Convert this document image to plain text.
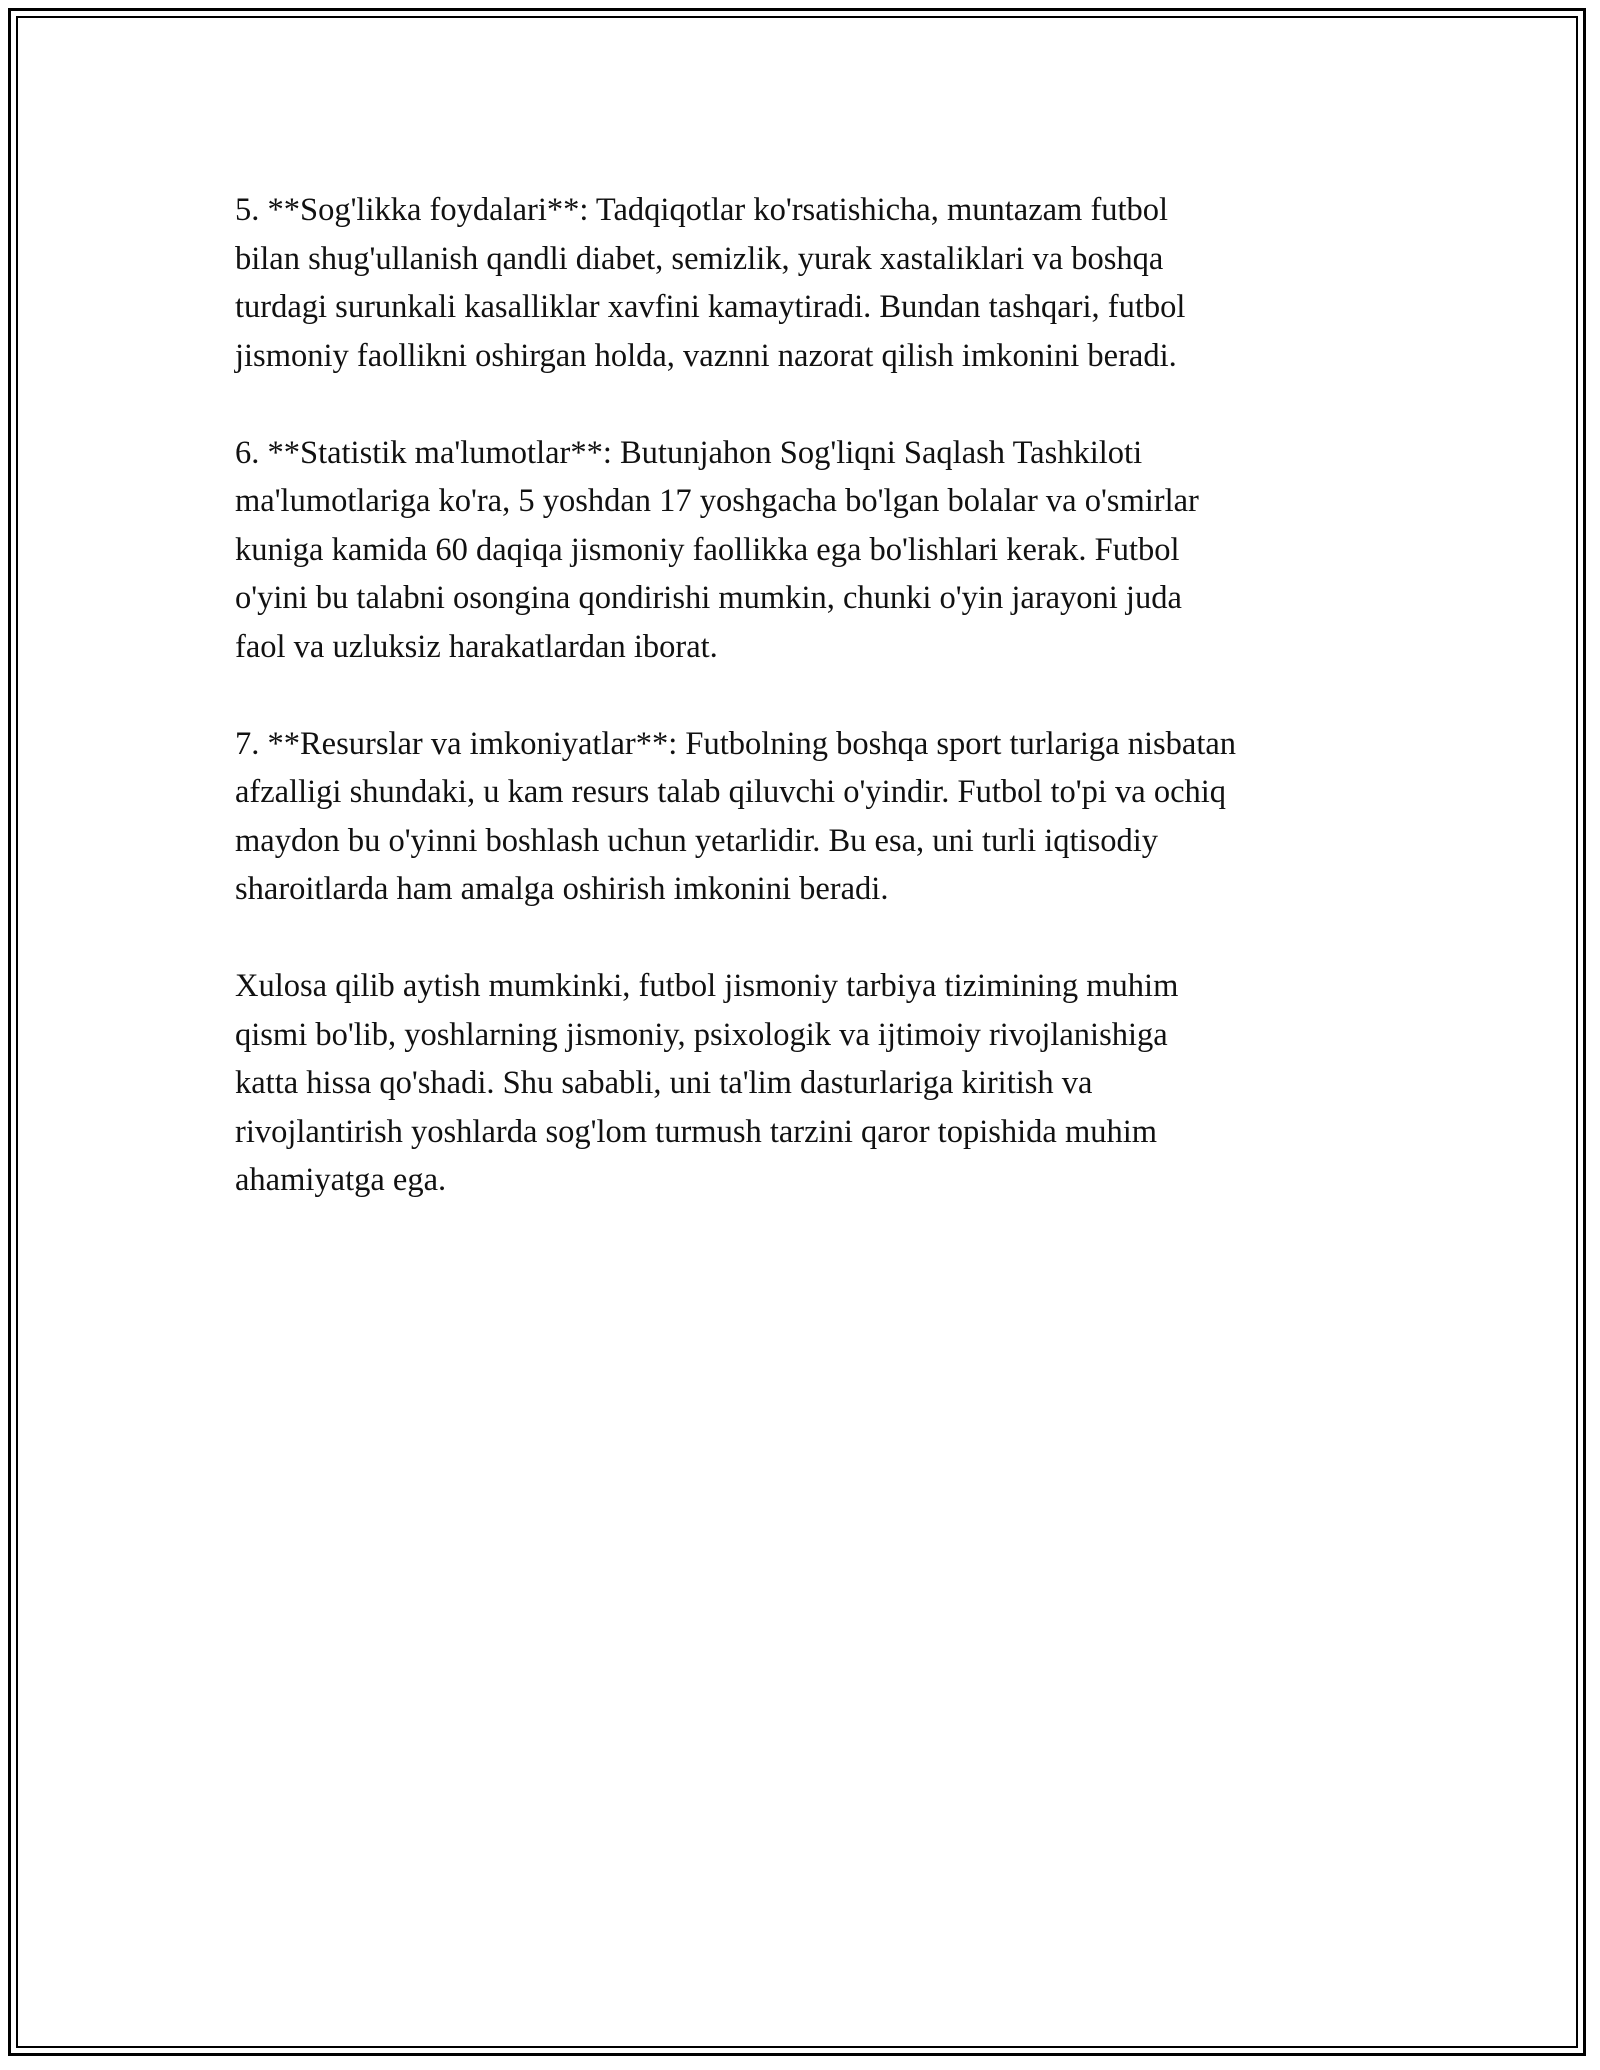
5. **Sog'likka foydalari**: Tadqiqotlar ko'rsatishicha, muntazam futbol
bilan shug'ullanish qandli diabet, semizlik, yurak xastaliklari va boshqa
turdagi surunkali kasalliklar xavfini kamaytiradi. Bundan tashqari, futbol
jismoniy faollikni oshirgan holda, vaznni nazorat qilish imkonini beradi.

6. **Statistik ma'lumotlar**: Butunjahon Sog'liqni Saqlash Tashkiloti
ma'lumotlariga ko'ra, 5 yoshdan 17 yoshgacha bo'lgan bolalar va o'smirlar
kuniga kamida 60 daqiqa jismoniy faollikka ega bo'lishlari kerak. Futbol
o'yini bu talabni osongina qondirishi mumkin, chunki o'yin jarayoni juda
faol va uzluksiz harakatlardan iborat.

7. **Resurslar va imkoniyatlar**: Futbolning boshqa sport turlariga nisbatan
afzalligi shundaki, u kam resurs talab qiluvchi o'yindir. Futbol to'pi va ochiq
maydon bu o'yinni boshlash uchun yetarlidir. Bu esa, uni turli iqtisodiy
sharoitlarda ham amalga oshirish imkonini beradi.

Xulosa qilib aytish mumkinki, futbol jismoniy tarbiya tizimining muhim
qismi bo'lib, yoshlarning jismoniy, psixologik va ijtimoiy rivojlanishiga
katta hissa qo'shadi. Shu sababli, uni ta'lim dasturlariga kiritish va
rivojlantirish yoshlarda sog'lom turmush tarzini qaror topishida muhim
ahamiyatga ega.
